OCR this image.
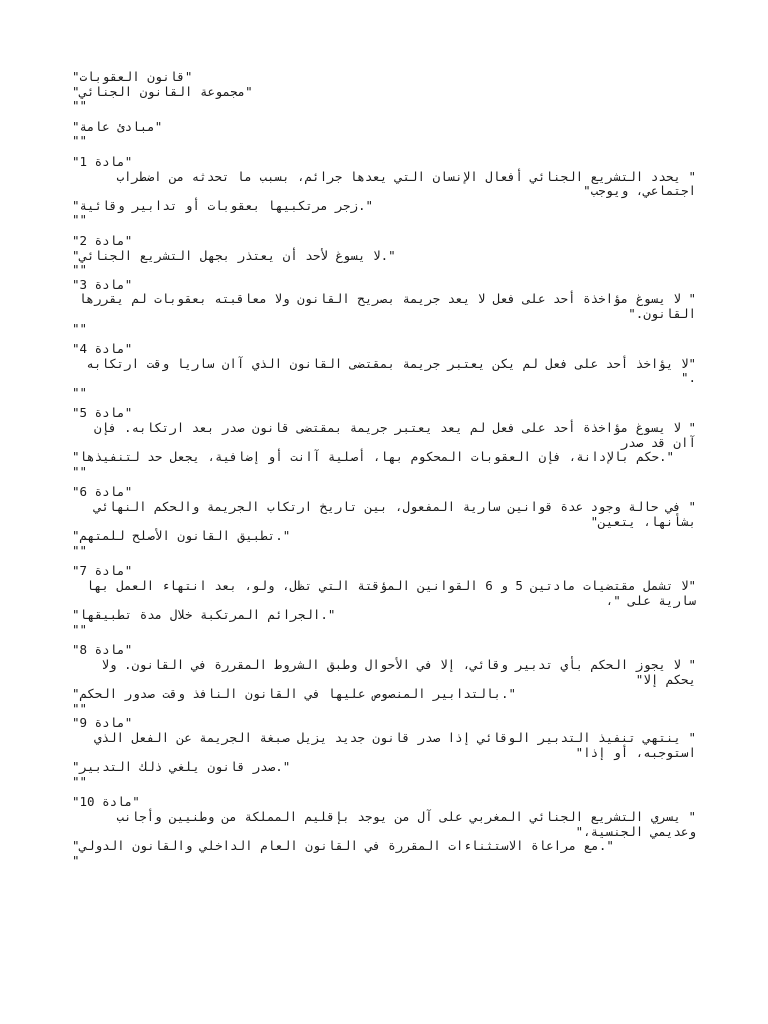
"قانون العقوبات"
"مجموعة القانون الجنائي"
""
"مبادئ عامة"
""
"مادة 1"
" يحدد التشريع الجنائي أفعال الإنسان التي يعدها جرائم، بسبب ما تحدثه من اضطراب
اجتماعي، ويوجب"
"زجر مرتكبيها بعقوبات أو تدابير وقائية."
""
"مادة 2"
"لا يسوغ لأحد أن يعتذر بجهل التشريع الجنائي."
""
"مادة 3"
" لا يسوغ مؤاخذة أحد على فعل لا يعد جريمة بصريح القانون ولا معاقبته بعقوبات لم يقررها
القانون."
""
"مادة 4"
"لا يؤاخذ أحد على فعل لم يكن يعتبر جريمة بمقتضى القانون الذي آان ساريا وقت ارتكابه
."
""
"مادة 5"
" لا يسوغ مؤاخذة أحد على فعل لم يعد يعتبر جريمة بمقتضى قانون صدر بعد ارتكابه. فإن
آان قد صدر
"حكم بالإدانة، فإن العقوبات المحكوم بها، أصلية آانت أو إضافية، يجعل حد لتنفيذها."
""
"مادة 6"
" في حالة وجود عدة قوانين سارية المفعول، بين تاريخ ارتكاب الجريمة والحكم النهائي
بشأنها، يتعين"
"تطبيق القانون الأصلح للمتهم."
""
"مادة 7"
"لا تشمل مقتضيات مادتين 5 و 6 القوانين المؤقتة التي تظل، ولو، بعد انتهاء العمل بها
سارية على "،
"الجرائم المرتكبة خلال مدة تطبيقها."
""
"مادة 8"
" لا يجوز الحكم بأي تدبير وقائي، إلا في الأحوال وطبق الشروط المقررة في القانون. ولا
يحكم إلا"
"بالتدابير المنصوص عليها في القانون النافذ وقت صدور الحكم."
""
"مادة 9"
" ينتهي تنفيذ التدبير الوقائي إذا صدر قانون جديد يزيل صبغة الجريمة عن الفعل الذي
استوجبه، أو إذا"
"صدر قانون يلغي ذلك التدبير."
""
"مادة 10"
" يسري التشريع الجنائي المغربي على آل من يوجد بإقليم المملكة من وطنيين وأجانب
وعديمي الجنسية،"
"مع مراعاة الاستثناءات المقررة في القانون العام الداخلي والقانون الدولي."
"
